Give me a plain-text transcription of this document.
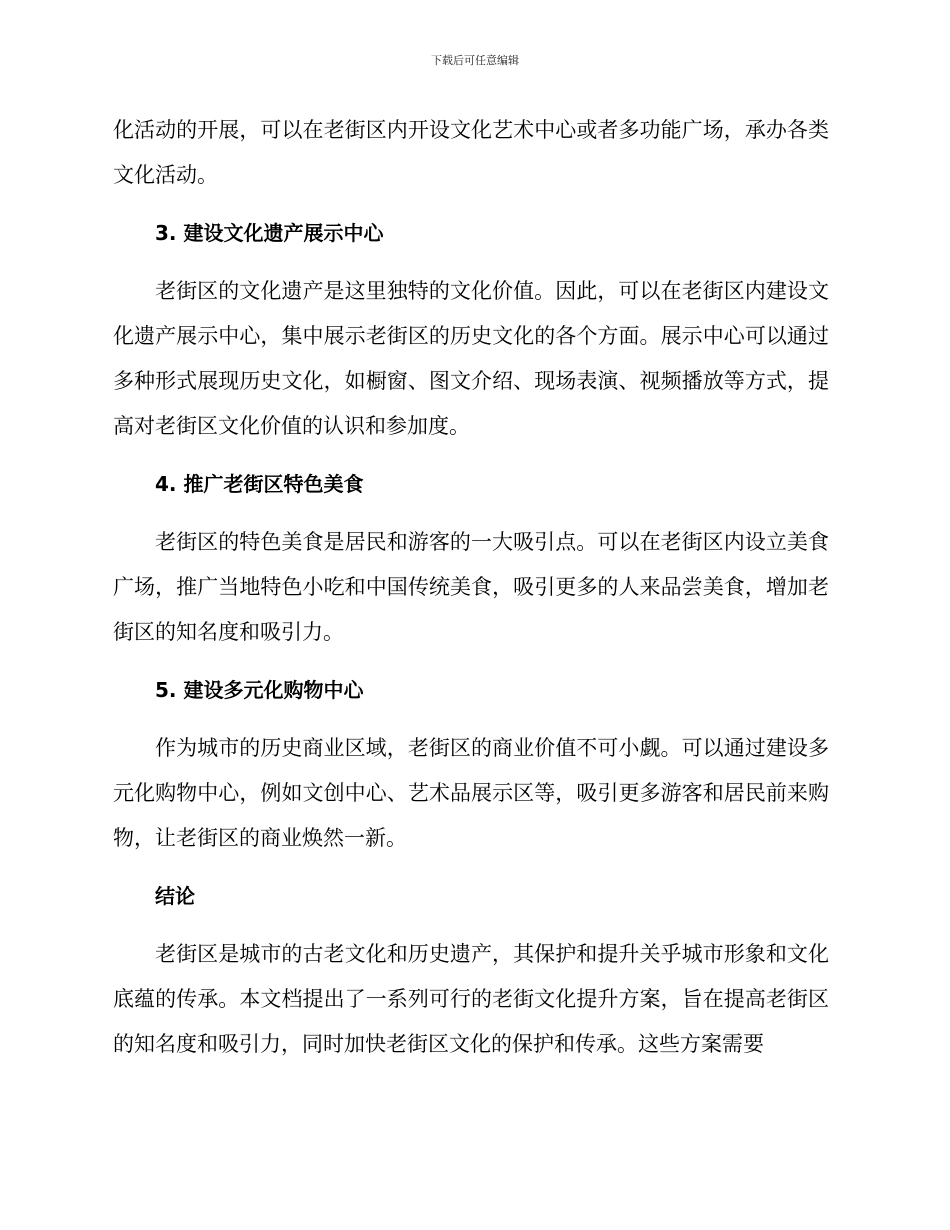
下载后可任意编辑

化活动的开展，可以在老街区内开设文化艺术中心或者多功能广场，承办各类文化活动。

3. 建设文化遗产展示中心

老街区的文化遗产是这里独特的文化价值。因此，可以在老街区内建设文化遗产展示中心，集中展示老街区的历史文化的各个方面。展示中心可以通过多种形式展现历史文化，如橱窗、图文介绍、现场表演、视频播放等方式，提高对老街区文化价值的认识和参加度。

4. 推广老街区特色美食

老街区的特色美食是居民和游客的一大吸引点。可以在老街区内设立美食广场，推广当地特色小吃和中国传统美食，吸引更多的人来品尝美食，增加老街区的知名度和吸引力。

5. 建设多元化购物中心

作为城市的历史商业区域，老街区的商业价值不可小觑。可以通过建设多元化购物中心，例如文创中心、艺术品展示区等，吸引更多游客和居民前来购物，让老街区的商业焕然一新。

结论

老街区是城市的古老文化和历史遗产，其保护和提升关乎城市形象和文化底蕴的传承。本文档提出了一系列可行的老街文化提升方案，旨在提高老街区的知名度和吸引力，同时加快老街区文化的保护和传承。这些方案需要
